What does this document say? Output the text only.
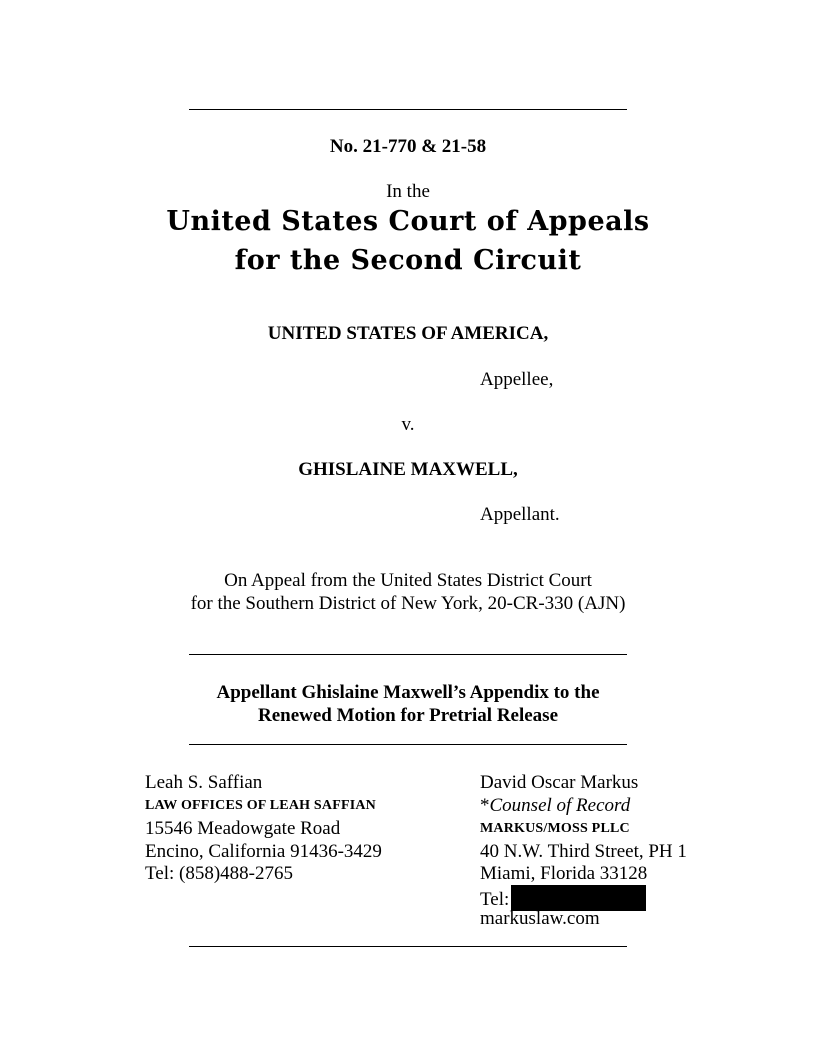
No. 21-770 & 21-58
In the
United States Court of Appeals
for the Second Circuit
UNITED STATES OF AMERICA,
Appellee,
v.
GHISLAINE MAXWELL,
Appellant.
On Appeal from the United States District Court
for the Southern District of New York, 20-CR-330 (AJN)
Appellant Ghislaine Maxwell’s Appendix to the
Renewed Motion for Pretrial Release
Leah S. Saffian
LAW OFFICES OF LEAH SAFFIAN
15546 Meadowgate Road
Encino, California 91436-3429
Tel: (858)488-2765
David Oscar Markus
*Counsel of Record
MARKUS/MOSS PLLC
40 N.W. Third Street, PH 1
Miami, Florida 33128
Tel:
markuslaw.com
